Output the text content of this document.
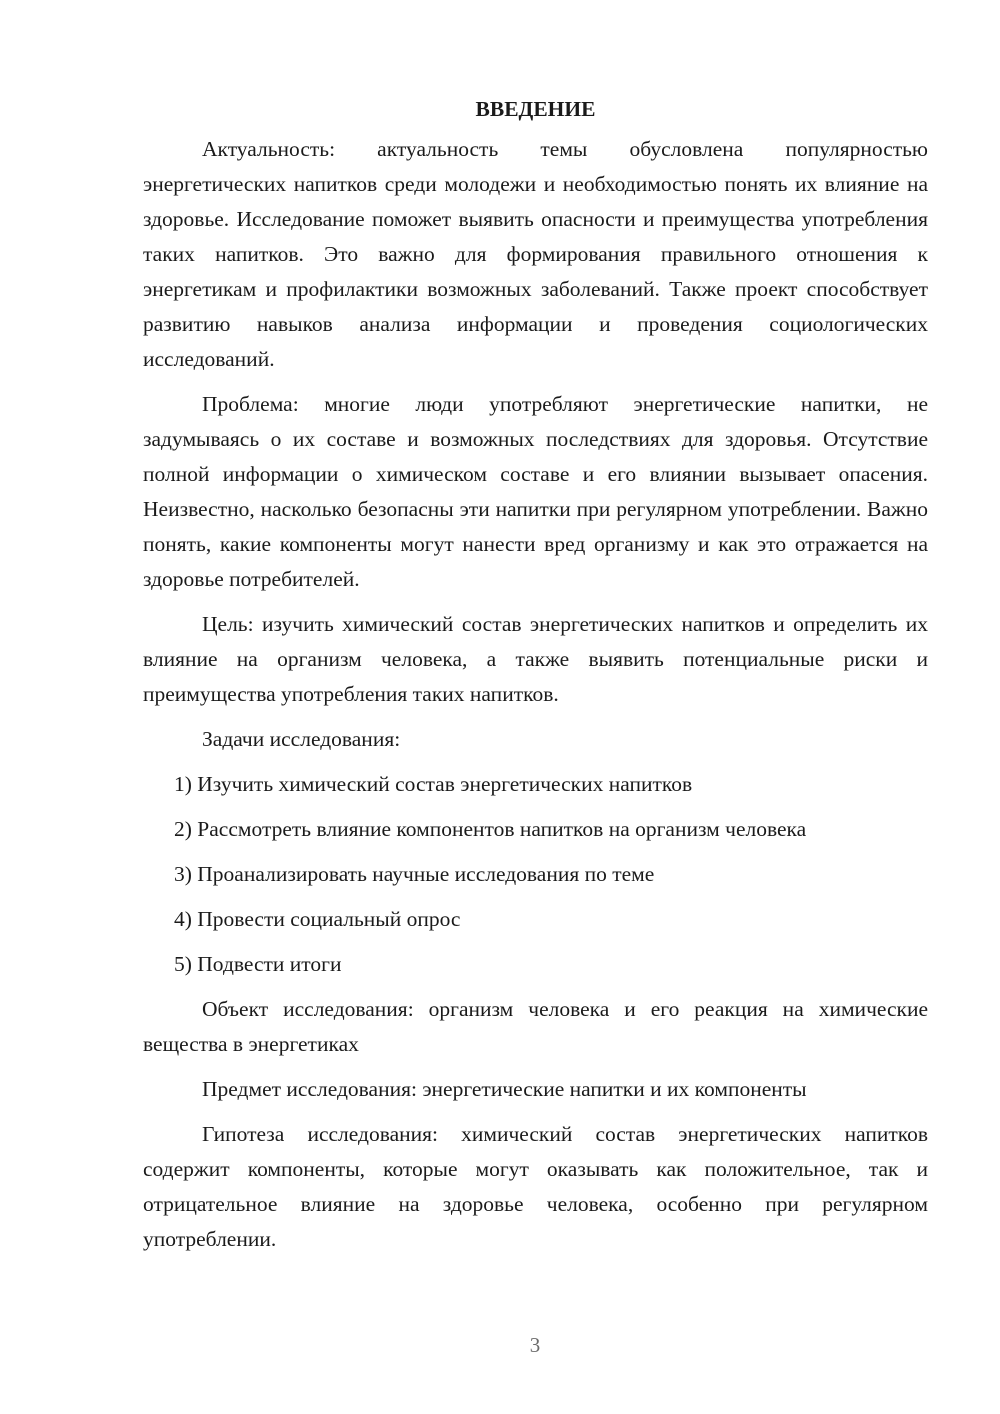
ВВЕДЕНИЕ

Актуальность: актуальность темы обусловлена популярностью энергетических напитков среди молодежи и необходимостью понять их влияние на здоровье. Исследование поможет выявить опасности и преимущества употребления таких напитков. Это важно для формирования правильного отношения к энергетикам и профилактики возможных заболеваний. Также проект способствует развитию навыков анализа информации и проведения социологических исследований.

Проблема: многие люди употребляют энергетические напитки, не задумываясь о их составе и возможных последствиях для здоровья. Отсутствие полной информации о химическом составе и его влиянии вызывает опасения. Неизвестно, насколько безопасны эти напитки при регулярном употреблении. Важно понять, какие компоненты могут нанести вред организму и как это отражается на здоровье потребителей.

Цель: изучить химический состав энергетических напитков и определить их влияние на организм человека, а также выявить потенциальные риски и преимущества употребления таких напитков.

Задачи исследования:

1) Изучить химический состав энергетических напитков
2) Рассмотреть влияние компонентов напитков на организм человека
3) Проанализировать научные исследования по теме
4) Провести социальный опрос
5) Подвести итоги

Объект исследования: организм человека и его реакция на химические вещества в энергетиках

Предмет исследования: энергетические напитки и их компоненты

Гипотеза исследования: химический состав энергетических напитков содержит компоненты, которые могут оказывать как положительное, так и отрицательное влияние на здоровье человека, особенно при регулярном употреблении.

3
